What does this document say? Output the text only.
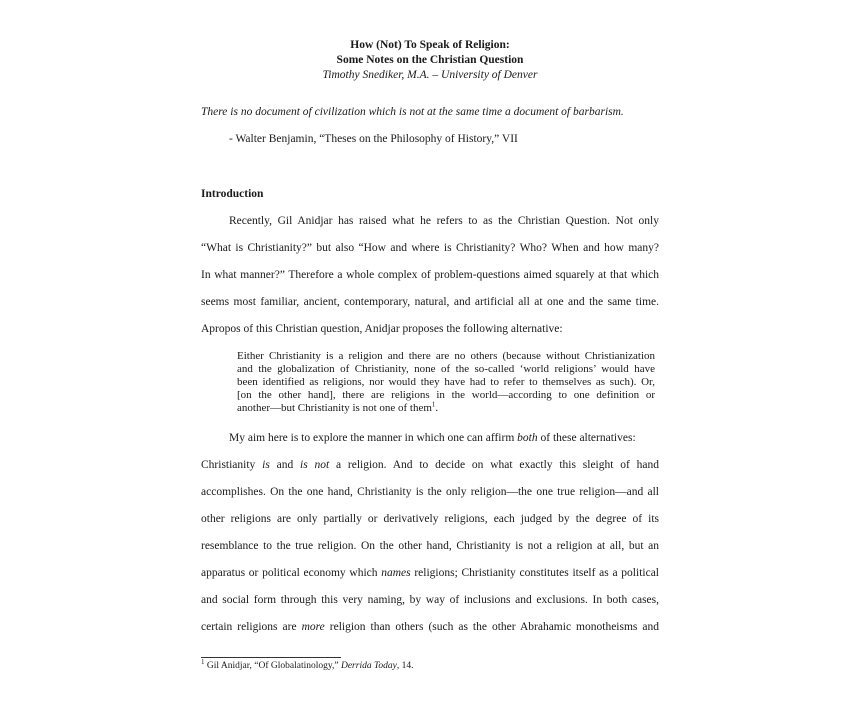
How (Not) To Speak of Religion:
Some Notes on the Christian Question
Timothy Snediker, M.A. – University of Denver
There is no document of civilization which is not at the same time a document of barbarism.
- Walter Benjamin, “Theses on the Philosophy of History,” VII
Introduction
Recently, Gil Anidjar has raised what he refers to as the Christian Question. Not only
“What is Christianity?” but also “How and where is Christianity? Who? When and how many?
In what manner?” Therefore a whole complex of problem-questions aimed squarely at that which
seems most familiar, ancient, contemporary, natural, and artificial all at one and the same time.
Apropos of this Christian question, Anidjar proposes the following alternative:
Either Christianity is a religion and there are no others (because without Christianization
and the globalization of Christianity, none of the so-called ‘world religions’ would have
been identified as religions, nor would they have had to refer to themselves as such). Or,
[on the other hand], there are religions in the world—according to one definition or
another—but Christianity is not one of them$^1$.
My aim here is to explore the manner in which one can affirm both of these alternatives:
Christianity is and is not a religion. And to decide on what exactly this sleight of hand
accomplishes. On the one hand, Christianity is the only religion—the one true religion—and all
other religions are only partially or derivatively religions, each judged by the degree of its
resemblance to the true religion. On the other hand, Christianity is not a religion at all, but an
apparatus or political economy which names religions; Christianity constitutes itself as a political
and social form through this very naming, by way of inclusions and exclusions. In both cases,
certain religions are more religion than others (such as the other Abrahamic monotheisms and
$^1$ Gil Anidjar, “Of Globalatinology,” Derrida Today, 14.
